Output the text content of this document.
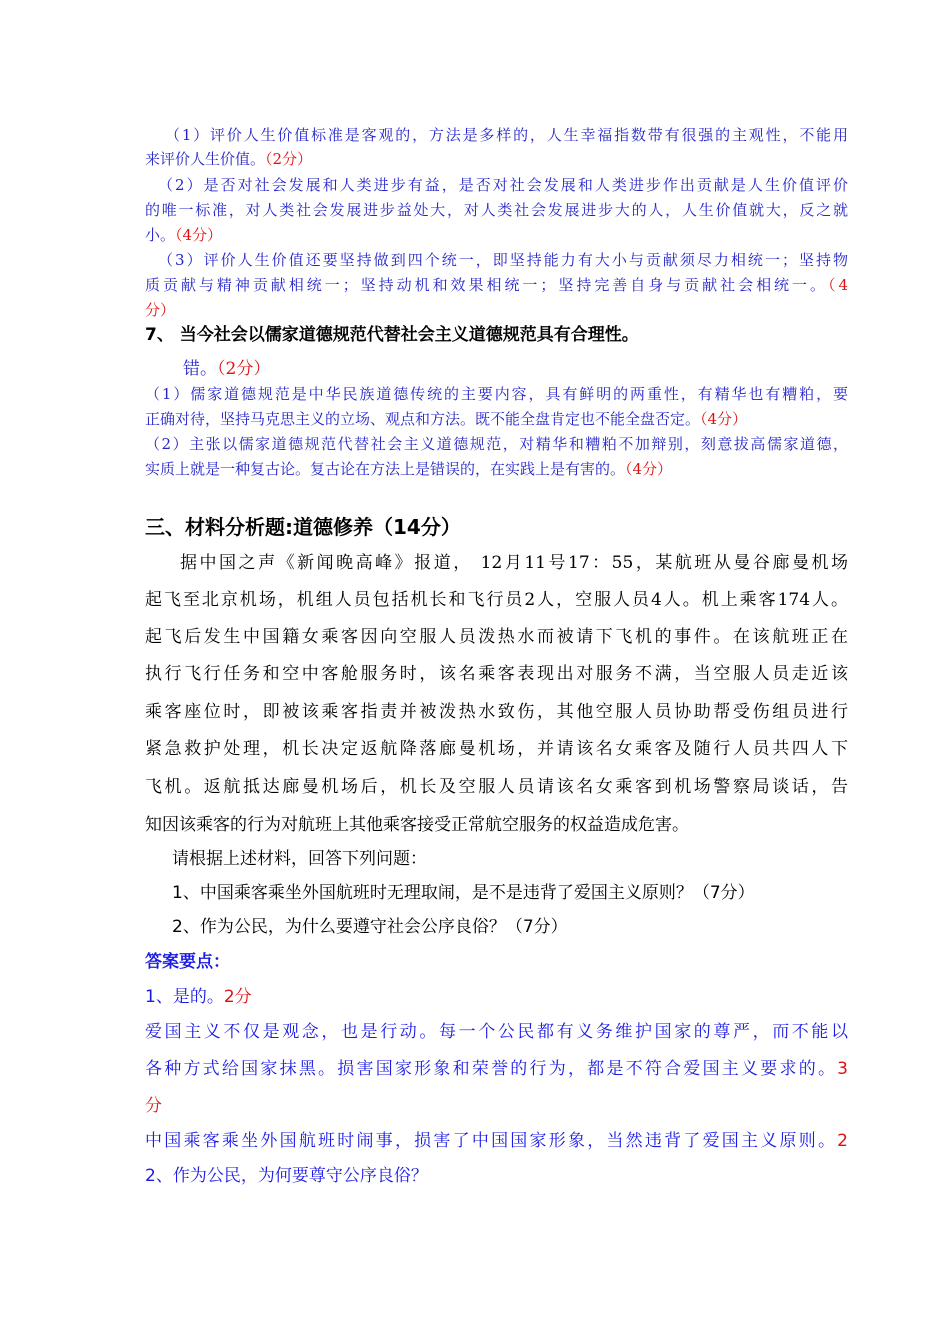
（1）评价人生价值标准是客观的，方法是多样的，人生幸福指数带有很强的主观性，不能用
来评价人生价值。（2分）
（2）是否对社会发展和人类进步有益，是否对社会发展和人类进步作出贡献是人生价值评价
的唯一标准，对人类社会发展进步益处大，对人类社会发展进步大的人，人生价值就大，反之就
小。（4分）
（3）评价人生价值还要坚持做到四个统一，即坚持能力有大小与贡献须尽力相统一；坚持物
质贡献与精神贡献相统一；坚持动机和效果相统一；坚持完善自身与贡献社会相统一。（4
分）
7、 当今社会以儒家道德规范代替社会主义道德规范具有合理性。
错。（2分）
（1）儒家道德规范是中华民族道德传统的主要内容，具有鲜明的两重性，有精华也有糟粕，要
正确对待，坚持马克思主义的立场、观点和方法。既不能全盘肯定也不能全盘否定。（4分）
（2）主张以儒家道德规范代替社会主义道德规范，对精华和糟粕不加辩别，刻意拔高儒家道德，
实质上就是一种复古论。复古论在方法上是错误的，在实践上是有害的。（4分）
三、材料分析题:道德修养（14分）
据中国之声《新闻晚高峰》报道， 12月11号17：55，某航班从曼谷廊曼机场
起飞至北京机场，机组人员包括机长和飞行员2人，空服人员4人。机上乘客174人。
起飞后发生中国籍女乘客因向空服人员泼热水而被请下飞机的事件。在该航班正在
执行飞行任务和空中客舱服务时，该名乘客表现出对服务不满，当空服人员走近该
乘客座位时，即被该乘客指责并被泼热水致伤，其他空服人员协助帮受伤组员进行
紧急救护处理，机长决定返航降落廊曼机场，并请该名女乘客及随行人员共四人下
飞机。返航抵达廊曼机场后，机长及空服人员请该名女乘客到机场警察局谈话，告
知因该乘客的行为对航班上其他乘客接受正常航空服务的权益造成危害。
请根据上述材料，回答下列问题：
1、中国乘客乘坐外国航班时无理取闹，是不是违背了爱国主义原则？（7分）
2、作为公民，为什么要遵守社会公序良俗？（7分）
答案要点：
1、是的。2分
爱国主义不仅是观念，也是行动。每一个公民都有义务维护国家的尊严，而不能以
各种方式给国家抹黑。损害国家形象和荣誉的行为，都是不符合爱国主义要求的。3
分
中国乘客乘坐外国航班时闹事，损害了中国国家形象，当然违背了爱国主义原则。2
2、作为公民，为何要尊守公序良俗？
